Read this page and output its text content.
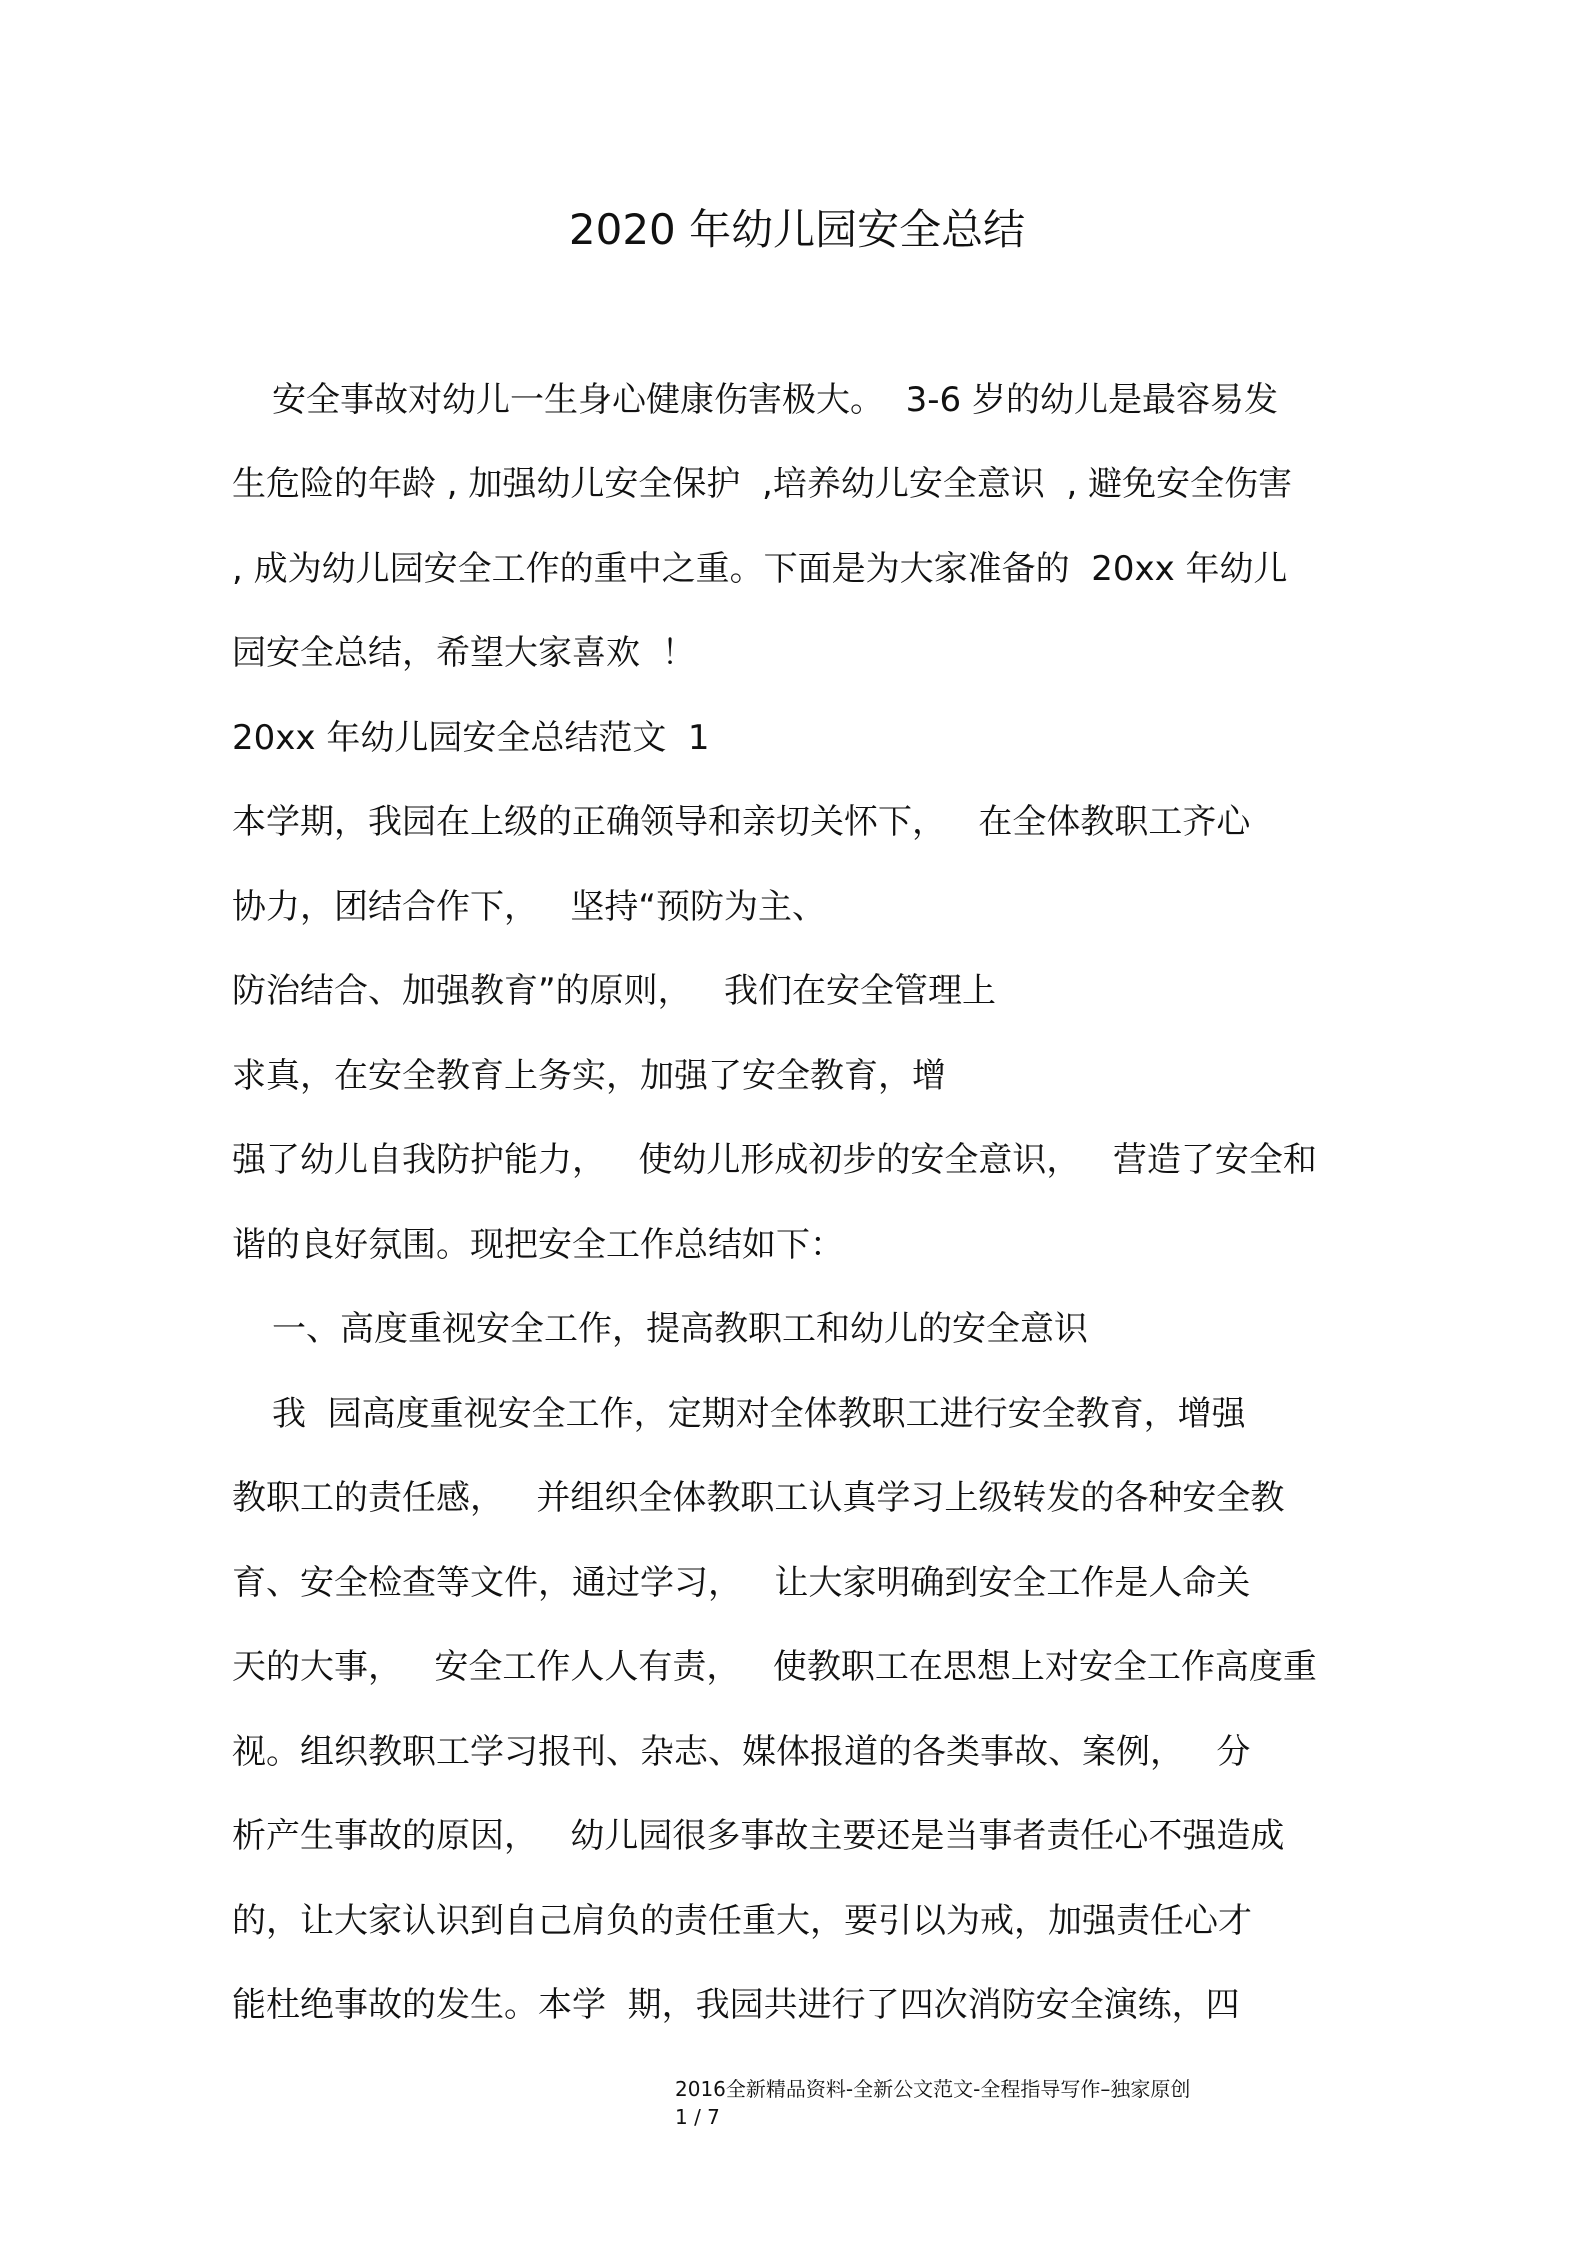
2020 年幼儿园安全总结
安全事故对幼儿一生身心健康伤害极大。  3-6 岁的幼儿是最容易发
生危险的年龄 , 加强幼儿安全保护  ,培养幼儿安全意识  , 避免安全伤害
, 成为幼儿园安全工作的重中之重。下面是为大家准备的  20xx 年幼儿
园安全总结，希望大家喜欢  ！
20xx 年幼儿园安全总结范文  1
本学期，我园在上级的正确领导和亲切关怀下，   在全体教职工齐心
协力，团结合作下，   坚持“预防为主、
防治结合、加强教育”的原则，   我们在安全管理上
求真，在安全教育上务实，加强了安全教育，增
强了幼儿自我防护能力，   使幼儿形成初步的安全意识，   营造了安全和
谐的良好氛围。现把安全工作总结如下：
一、高度重视安全工作，提高教职工和幼儿的安全意识
我  园高度重视安全工作，定期对全体教职工进行安全教育，增强
教职工的责任感，   并组织全体教职工认真学习上级转发的各种安全教
育、安全检查等文件，通过学习，   让大家明确到安全工作是人命关
天的大事，   安全工作人人有责，   使教职工在思想上对安全工作高度重
视。组织教职工学习报刊、杂志、媒体报道的各类事故、案例，   分
析产生事故的原因，   幼儿园很多事故主要还是当事者责任心不强造成
的，让大家认识到自己肩负的责任重大，要引以为戒，加强责任心才
能杜绝事故的发生。本学  期，我园共进行了四次消防安全演练，四
2016全新精品资料-全新公文范文-全程指导写作–独家原创
1 / 7
